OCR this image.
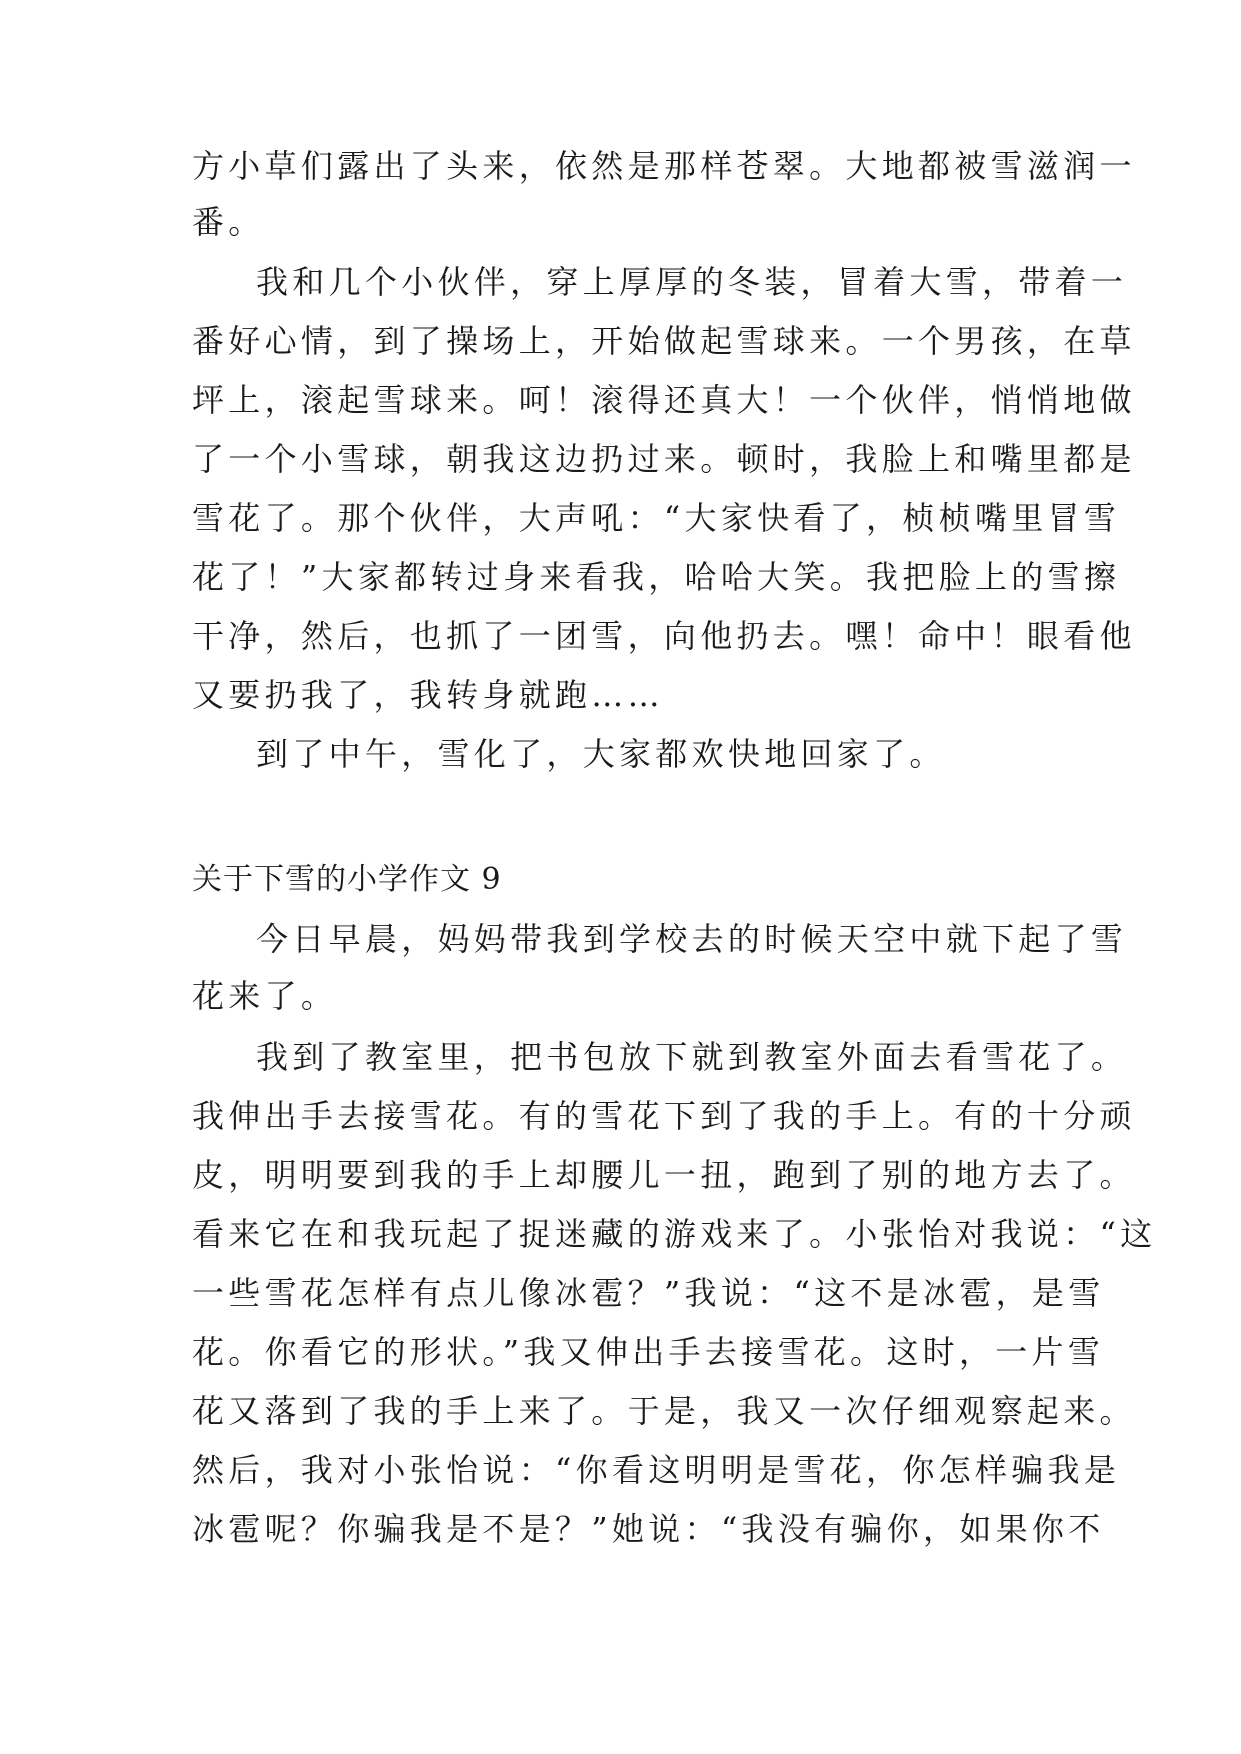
方小草们露出了头来，依然是那样苍翠。大地都被雪滋润一
番。
我和几个小伙伴，穿上厚厚的冬装，冒着大雪，带着一
番好心情，到了操场上，开始做起雪球来。一个男孩，在草
坪上，滚起雪球来。呵！滚得还真大！一个伙伴，悄悄地做
了一个小雪球，朝我这边扔过来。顿时，我脸上和嘴里都是
雪花了。那个伙伴，大声吼：“大家快看了，桢桢嘴里冒雪
花了！”大家都转过身来看我，哈哈大笑。我把脸上的雪擦
干净，然后，也抓了一团雪，向他扔去。嘿！命中！眼看他
又要扔我了，我转身就跑……
到了中午，雪化了，大家都欢快地回家了。
关于下雪的小学作文 9
今日早晨，妈妈带我到学校去的时候天空中就下起了雪
花来了。
我到了教室里，把书包放下就到教室外面去看雪花了。
我伸出手去接雪花。有的雪花下到了我的手上。有的十分顽
皮，明明要到我的手上却腰儿一扭，跑到了别的地方去了。
看来它在和我玩起了捉迷藏的游戏来了。小张怡对我说：“这
一些雪花怎样有点儿像冰雹？”我说：“这不是冰雹，是雪
花。你看它的形状。”我又伸出手去接雪花。这时，一片雪
花又落到了我的手上来了。于是，我又一次仔细观察起来。
然后，我对小张怡说：“你看这明明是雪花，你怎样骗我是
冰雹呢？你骗我是不是？”她说：“我没有骗你，如果你不
